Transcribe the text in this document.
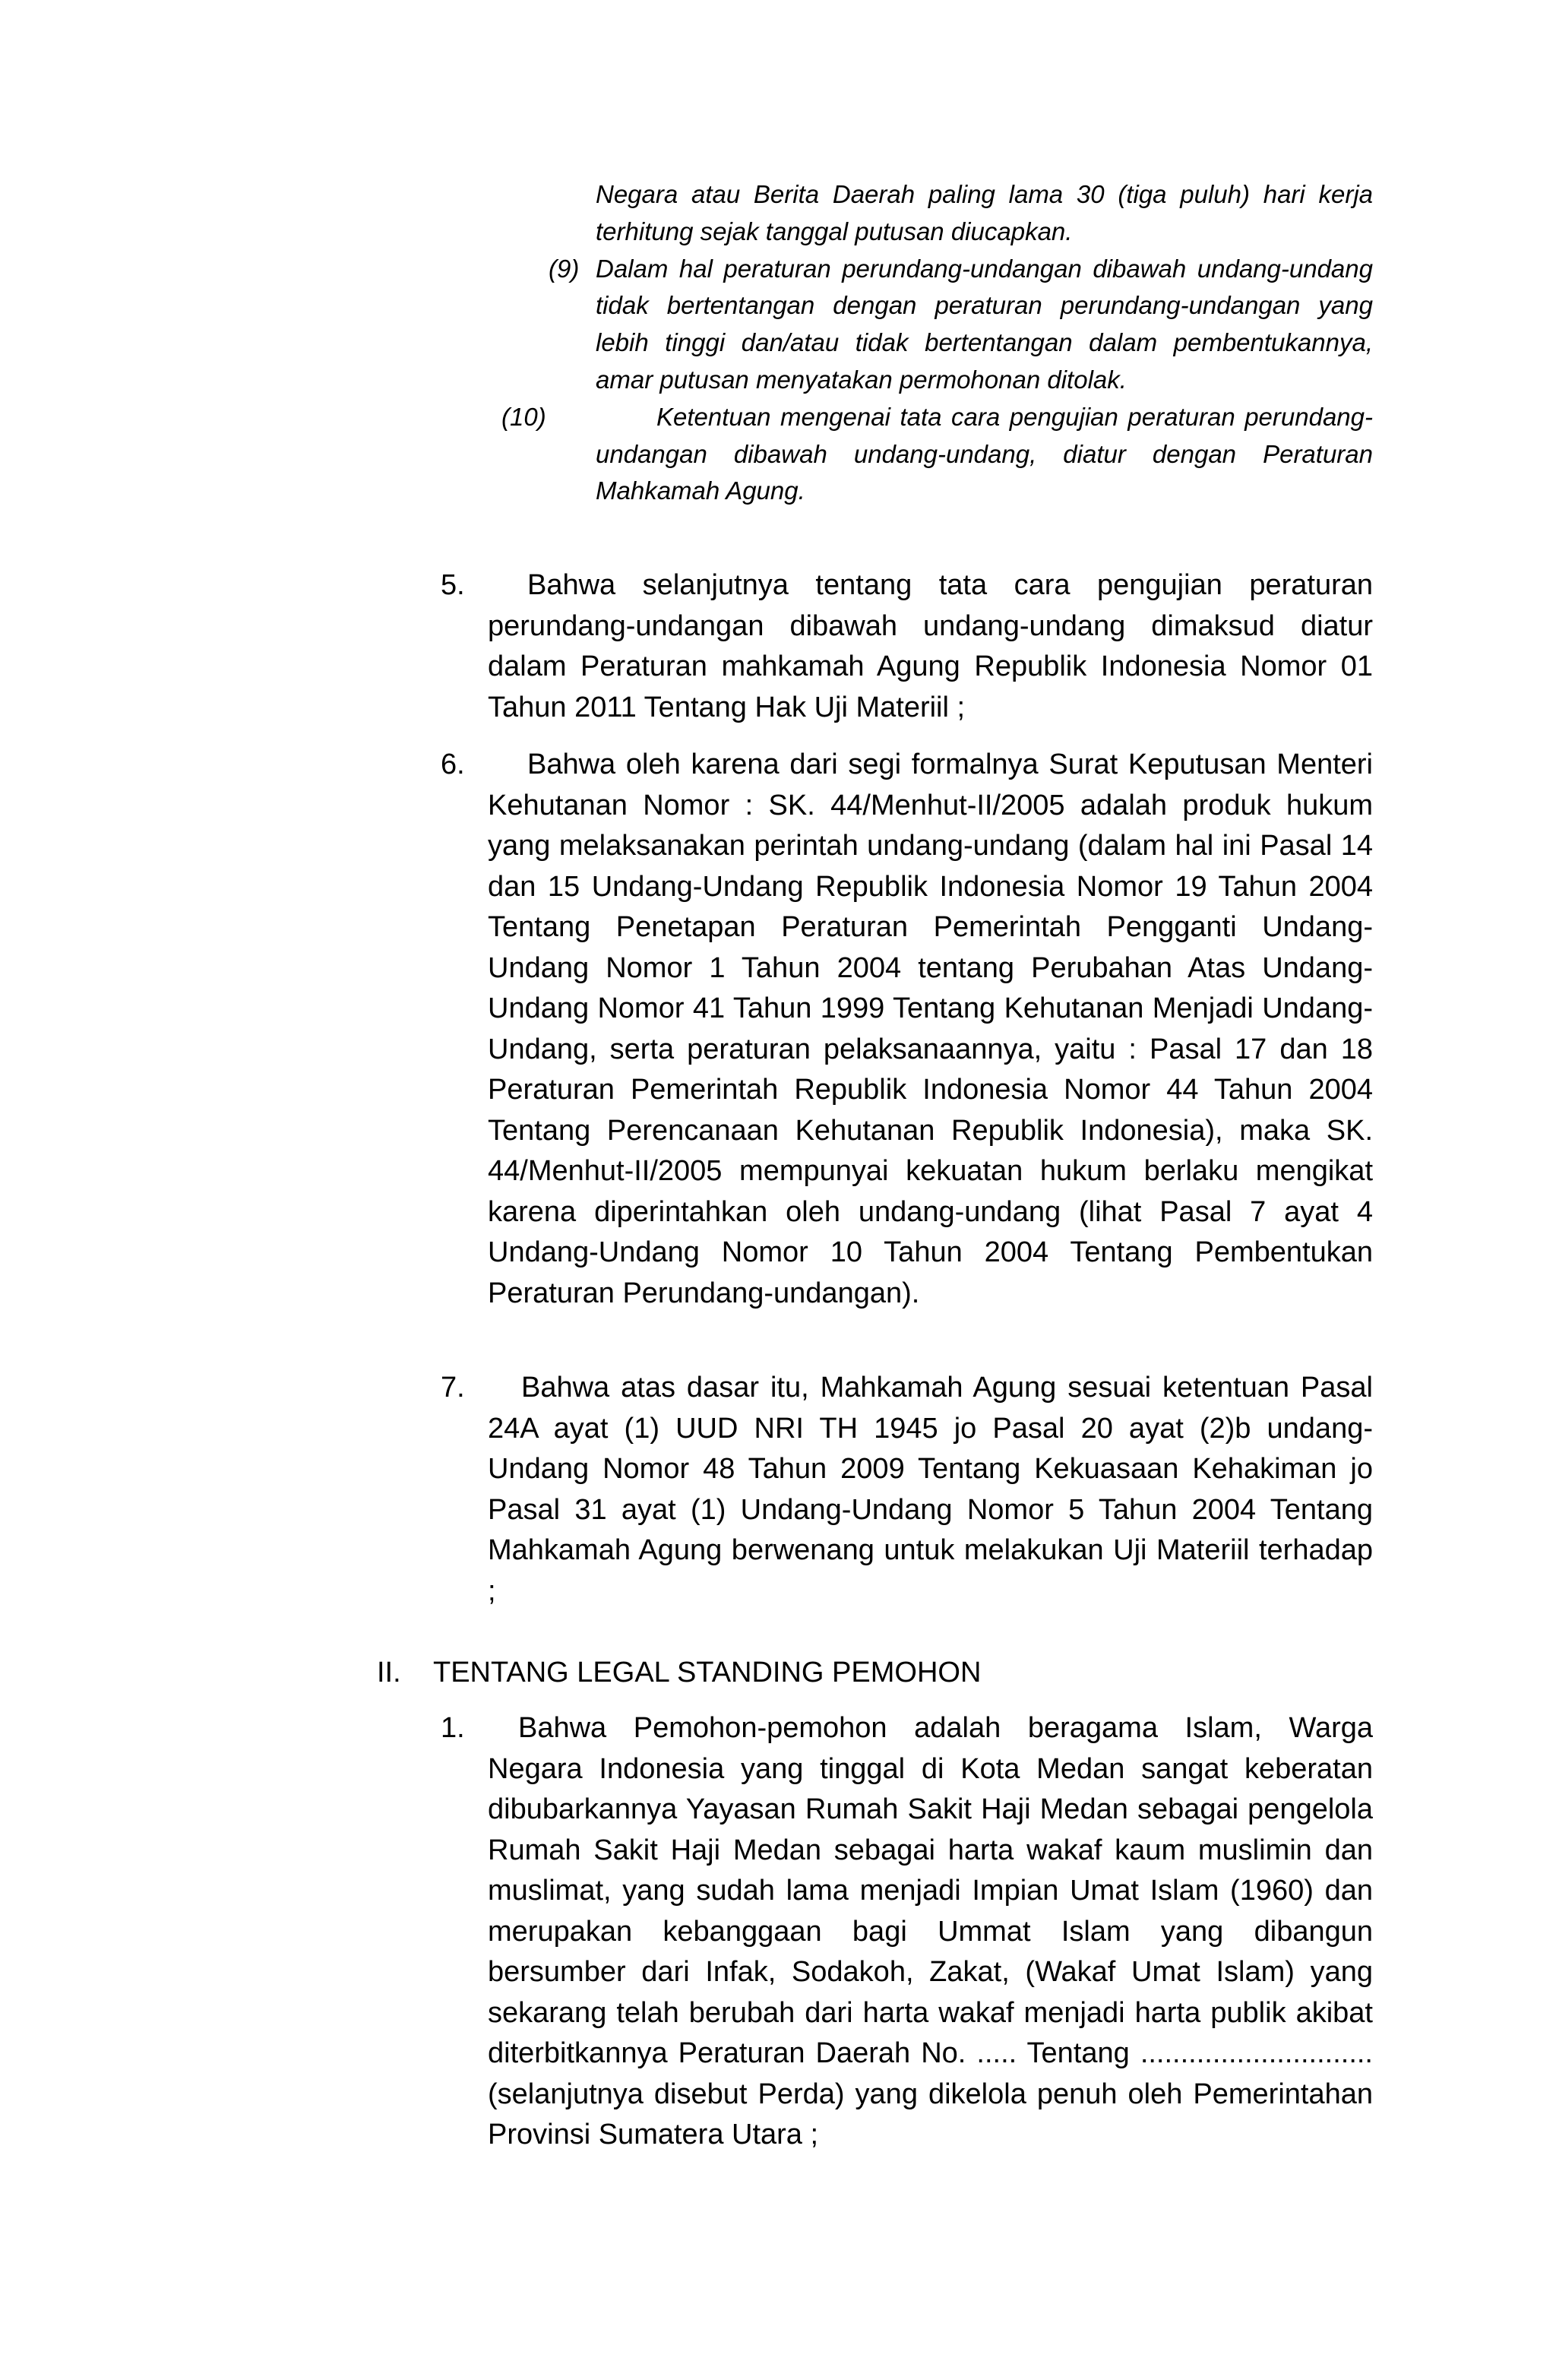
Negara atau Berita Daerah paling lama 30 (tiga puluh) hari kerja terhitung sejak tanggal putusan diucapkan.
(9) Dalam hal peraturan perundang-undangan dibawah undang-undang tidak bertentangan dengan peraturan perundang-undangan yang lebih tinggi dan/atau tidak bertentangan dalam pembentukannya, amar putusan menyatakan permohonan ditolak.
(10)	Ketentuan mengenai tata cara pengujian peraturan perundang-undangan dibawah undang-undang, diatur dengan Peraturan Mahkamah Agung.
5.	Bahwa selanjutnya tentang tata cara pengujian peraturan perundang-undangan dibawah undang-undang dimaksud diatur dalam Peraturan mahkamah Agung Republik Indonesia Nomor 01 Tahun 2011 Tentang Hak Uji Materiil ;
6.	Bahwa oleh karena dari segi formalnya Surat Keputusan Menteri Kehutanan Nomor : SK. 44/Menhut-II/2005 adalah produk hukum yang melaksanakan perintah undang-undang (dalam hal ini Pasal 14 dan 15 Undang-Undang Republik Indonesia Nomor 19 Tahun 2004 Tentang Penetapan Peraturan Pemerintah Pengganti Undang-Undang Nomor 1 Tahun 2004 tentang Perubahan Atas Undang-Undang Nomor 41 Tahun 1999 Tentang Kehutanan Menjadi Undang-Undang, serta peraturan pelaksanaannya, yaitu : Pasal 17 dan 18 Peraturan Pemerintah Republik Indonesia Nomor 44 Tahun 2004 Tentang Perencanaan Kehutanan Republik Indonesia), maka SK. 44/Menhut-II/2005 mempunyai kekuatan hukum berlaku mengikat karena diperintahkan oleh undang-undang (lihat Pasal 7 ayat 4 Undang-Undang Nomor 10 Tahun 2004 Tentang Pembentukan Peraturan Perundang-undangan).
7.	Bahwa atas dasar itu, Mahkamah Agung sesuai ketentuan Pasal 24A ayat (1) UUD NRI TH 1945 jo Pasal 20 ayat (2)b undang-Undang Nomor 48 Tahun 2009 Tentang Kekuasaan Kehakiman jo Pasal 31 ayat (1) Undang-Undang Nomor 5 Tahun 2004 Tentang Mahkamah Agung berwenang untuk melakukan Uji Materiil terhadap ;
II. TENTANG LEGAL STANDING PEMOHON
1.	Bahwa Pemohon-pemohon adalah beragama Islam, Warga Negara Indonesia yang tinggal di Kota Medan sangat keberatan dibubarkannya Yayasan Rumah Sakit Haji Medan sebagai pengelola Rumah Sakit Haji Medan sebagai harta wakaf kaum muslimin dan muslimat, yang sudah lama menjadi Impian Umat Islam (1960) dan merupakan kebanggaan bagi Ummat Islam yang dibangun bersumber dari Infak, Sodakoh, Zakat, (Wakaf Umat Islam) yang sekarang telah berubah dari harta wakaf menjadi harta publik akibat diterbitkannya Peraturan Daerah No. ..... Tentang ............................. (selanjutnya disebut Perda) yang dikelola penuh oleh Pemerintahan Provinsi Sumatera Utara ;
